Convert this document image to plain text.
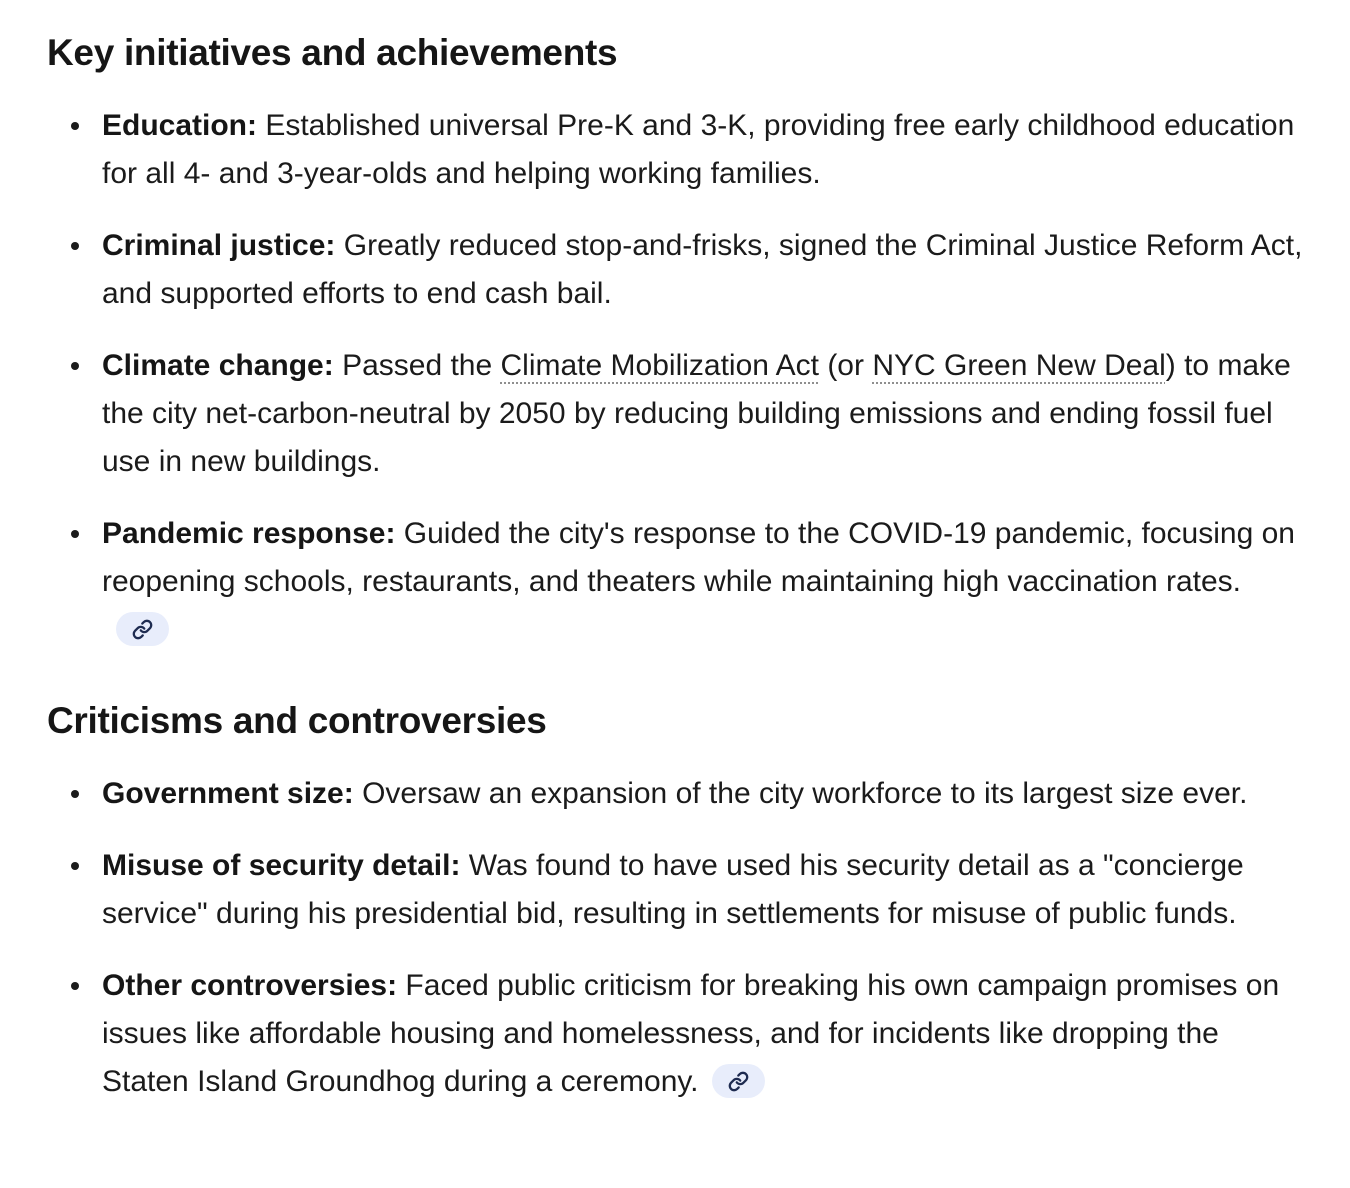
Key initiatives and achievements
Education: Established universal Pre-K and 3-K, providing free early childhood education for all 4- and 3-year-olds and helping working families.
Criminal justice: Greatly reduced stop-and-frisks, signed the Criminal Justice Reform Act, and supported efforts to end cash bail.
Climate change: Passed the Climate Mobilization Act (or NYC Green New Deal) to make the city net-carbon-neutral by 2050 by reducing building emissions and ending fossil fuel use in new buildings.
Pandemic response: Guided the city's response to the COVID-19 pandemic, focusing on reopening schools, restaurants, and theaters while maintaining high vaccination rates.
Criticisms and controversies
Government size: Oversaw an expansion of the city workforce to its largest size ever.
Misuse of security detail: Was found to have used his security detail as a "concierge service" during his presidential bid, resulting in settlements for misuse of public funds.
Other controversies: Faced public criticism for breaking his own campaign promises on issues like affordable housing and homelessness, and for incidents like dropping the Staten Island Groundhog during a ceremony.
